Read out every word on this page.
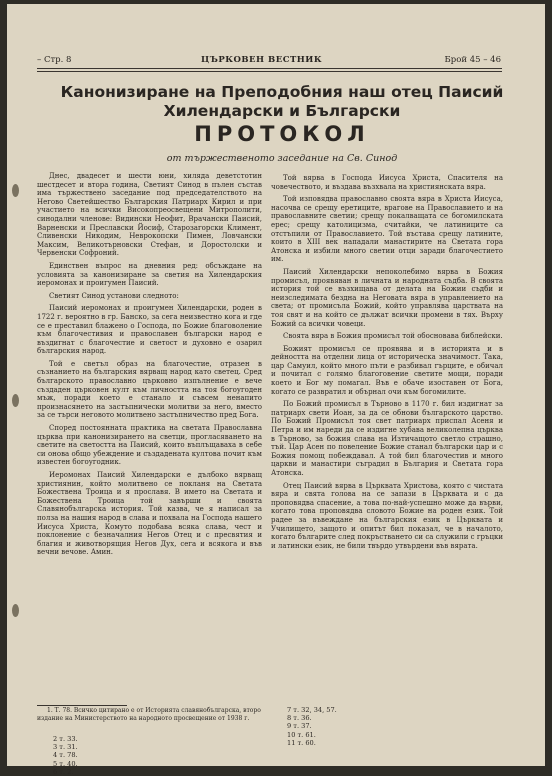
– Стр. 8	ЦЪРКОВЕН ВЕСТНИК	Брой 45 – 46
Канонизиране на Преподобния наш отец Паисий
Хилендарски и Български
ПРОТОКОЛ
от тържественото заседание на Св. Синод

Днес, двадесет и шести юни, хиляда деветстотин шестдесет и втора година, Светият Синод в пълен състав има тържествено заседание под председателството на Негово Светейшество Българския Патриарх Кирил и при участието на всички Високопреосвещени Митрополити, синодални членове: Видински Неофит, Врачански Паисий, Варненски и Преславски Йосиф, Старозагорски Климент, Сливенски Никодим, Неврокопски Пимен, Ловчански Максим, Великотърновски Стефан, и Доростолски и Червенски Софроний.

Единствен въпрос на дневния ред: обсъждане на условията за канонизиране за светия на Хилендарския иеромонах и проигумен Паисий.

Светият Синод установи следното:

Паисий иеромонах и проигумен Хилендарски, роден в 1722 г. вероятно в гр. Банско, за сега неизвестно кога и где се е преставил блажено о Господа, по Божие благоволение към благочестивия и православен български народ е въздигнат с благочестие и светост и духовно е озарил българския народ.

Той е светъл образ на благочестие, отразен в съзнанието на българския вярващ народ като светец. Сред българското православно църковно изпълнение е вече създаден църковен култ към личността на тоя богоугоден мъж, поради което е станало и съвсем ненапито произнасянето на застъпнически молитви за него, вместо за се търси неговото молитвено застъпничество пред Бога.

Според постоянната практика на светата Православна църква при канонизирането на светци, прогласяването на светите на светостта на Паисий, които въплъщаваха в себе си онова общо убеждение и създадената култова почит към известен богоугодник.

Иеромонах Паисий Хилендарски е дълбоко вярващ християнин, който молитвено се покланя на Светата Божествена Троица и я прославя. В името на Светата и Божествена Троица той завърши и своята Славянобългарска история. Той казва, че я написал за полза на нашия народ в слава и похвала на Господа нашего Иисуса Христа, Комуто подобава всяка слава, чест и поклонение с безначалния Негов Отец и с пресвятия и благия и животворящия Негов Дух, сега и всякога и във вечни вечове. Амин.

Той вярва в Господа Иисуса Христа, Спасителя на човечеството, и въздава възхвала на християнската вяра.

Той изповядва православно своята вяра в Христа Иисуса, насочва се срещу еретиците, врагове на Православието и на православните светии; срещу покалващата се богомилската ерес; срещу католицизма, считайки, че латиниците са отстъпили от Православието. Той въстава срещу латините, които в XIII век нападали манастирите на Светата гора Атонска и избили много светии отци заради благочестието им.

Паисий Хилендарски непоколебимо вярва в Божия промисъл, проявяван в личната и народната съдба. В своята история той се възхищава от делата на Божии съдби и неизследимата бездна на Неговата вяра в управлението на света; от промисъла Божий, който управлява царствата на тоя свят и на който се дължат всички промени в тях. Върху Божий са всички човеци.

Своята вяра в Божия промисъл той обосновава библейски.

Божият промисъл се проявява и в историята и в дейността на отделни лица от историческа значимост. Така, цар Самуил, който много пъти е разбивал гърците, е обичал и почитал с голямо благоговение светите мощи, поради което и Бог му помагал. Във е обаче изоставен от Бога, когато се развратил и обърнал очи към богомилите.

По Божий промисъл в Търново в 1170 г. бил издигнат за патриарх свети Иоан, за да се обнови българското царство. По Божий Промисъл тоя свет патриарх приспал Асеня и Петра и им нареди да се издигне хубава великолепна църква в Търново, за божия слава на Изтичащото светло страшно, тъй. Цар Асен по повеление Божие станал български цар и с Божия помощ побеждавал. А той бил благочестив и много царкви и манастири съградил в България и Светата гора Атонска.

Отец Паисий вярва в Църквата Христова, която с чистата вяра и свята голова на се запази в Църквата и с да проповядва спасение, а това по-най-успешно може да върви, когато това проповядва словото Божие на роден език. Той радее за въвеждане на българския език в Църквата и Училището, защото и опитът бил показал, че в началото, когато българите след покръстването си са служили с гръцки и латински език, не били твърдо утвърдени във вярата.

1. Т. 78. Всичко цитирано е от Историята славянобългарска, второ издание на Министерството на народното просвещение от 1938 г.
2 т. 33.
3 т. 31.
4 т. 78.
5 т. 40.
6 т. 2.
7 т. 32, 34, 57.
8 т. 36.
9 т. 37.
10 т. 61.
11 т. 60.
